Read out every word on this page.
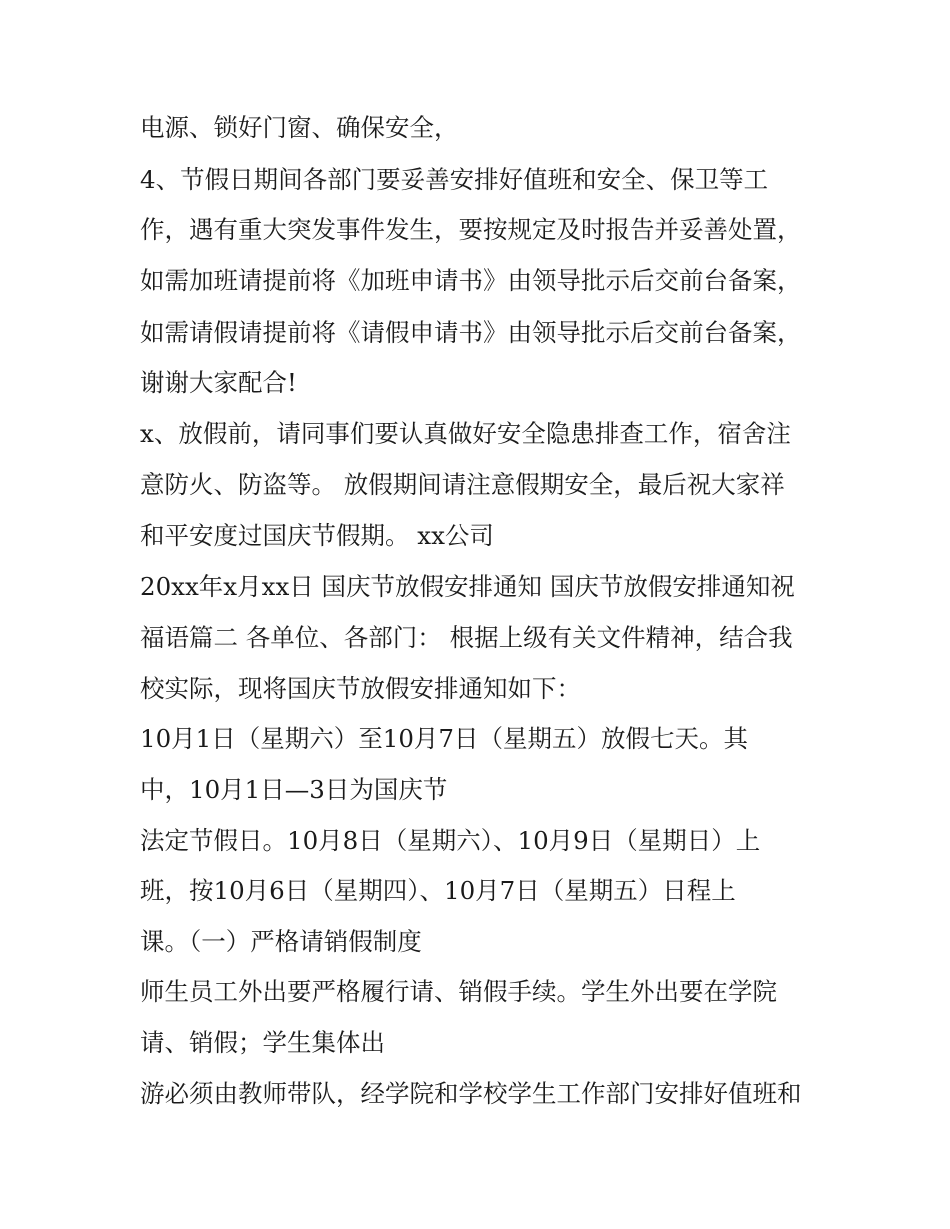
电源、锁好门窗、确保安全，
4、节假日期间各部门要妥善安排好值班和安全、保卫等工
作，遇有重大突发事件发生，要按规定及时报告并妥善处置，
如需加班请提前将《加班申请书》由领导批示后交前台备案，
如需请假请提前将《请假申请书》由领导批示后交前台备案，
谢谢大家配合!
x、放假前，请同事们要认真做好安全隐患排查工作，宿舍注
意防火、防盗等。 放假期间请注意假期安全，最后祝大家祥
和平安度过国庆节假期。 xx公司
20xx年x月xx日 国庆节放假安排通知 国庆节放假安排通知祝
福语篇二 各单位、各部门： 根据上级有关文件精神，结合我
校实际，现将国庆节放假安排通知如下：
10月1日（星期六）至10月7日（星期五）放假七天。其
中，10月1日—3日为国庆节
法定节假日。10月8日（星期六）、10月9日（星期日）上
班，按10月6日（星期四）、10月7日（星期五）日程上
课。（一）严格请销假制度
师生员工外出要严格履行请、销假手续。学生外出要在学院
请、销假；学生集体出
游必须由教师带队，经学院和学校学生工作部门安排好值班和
